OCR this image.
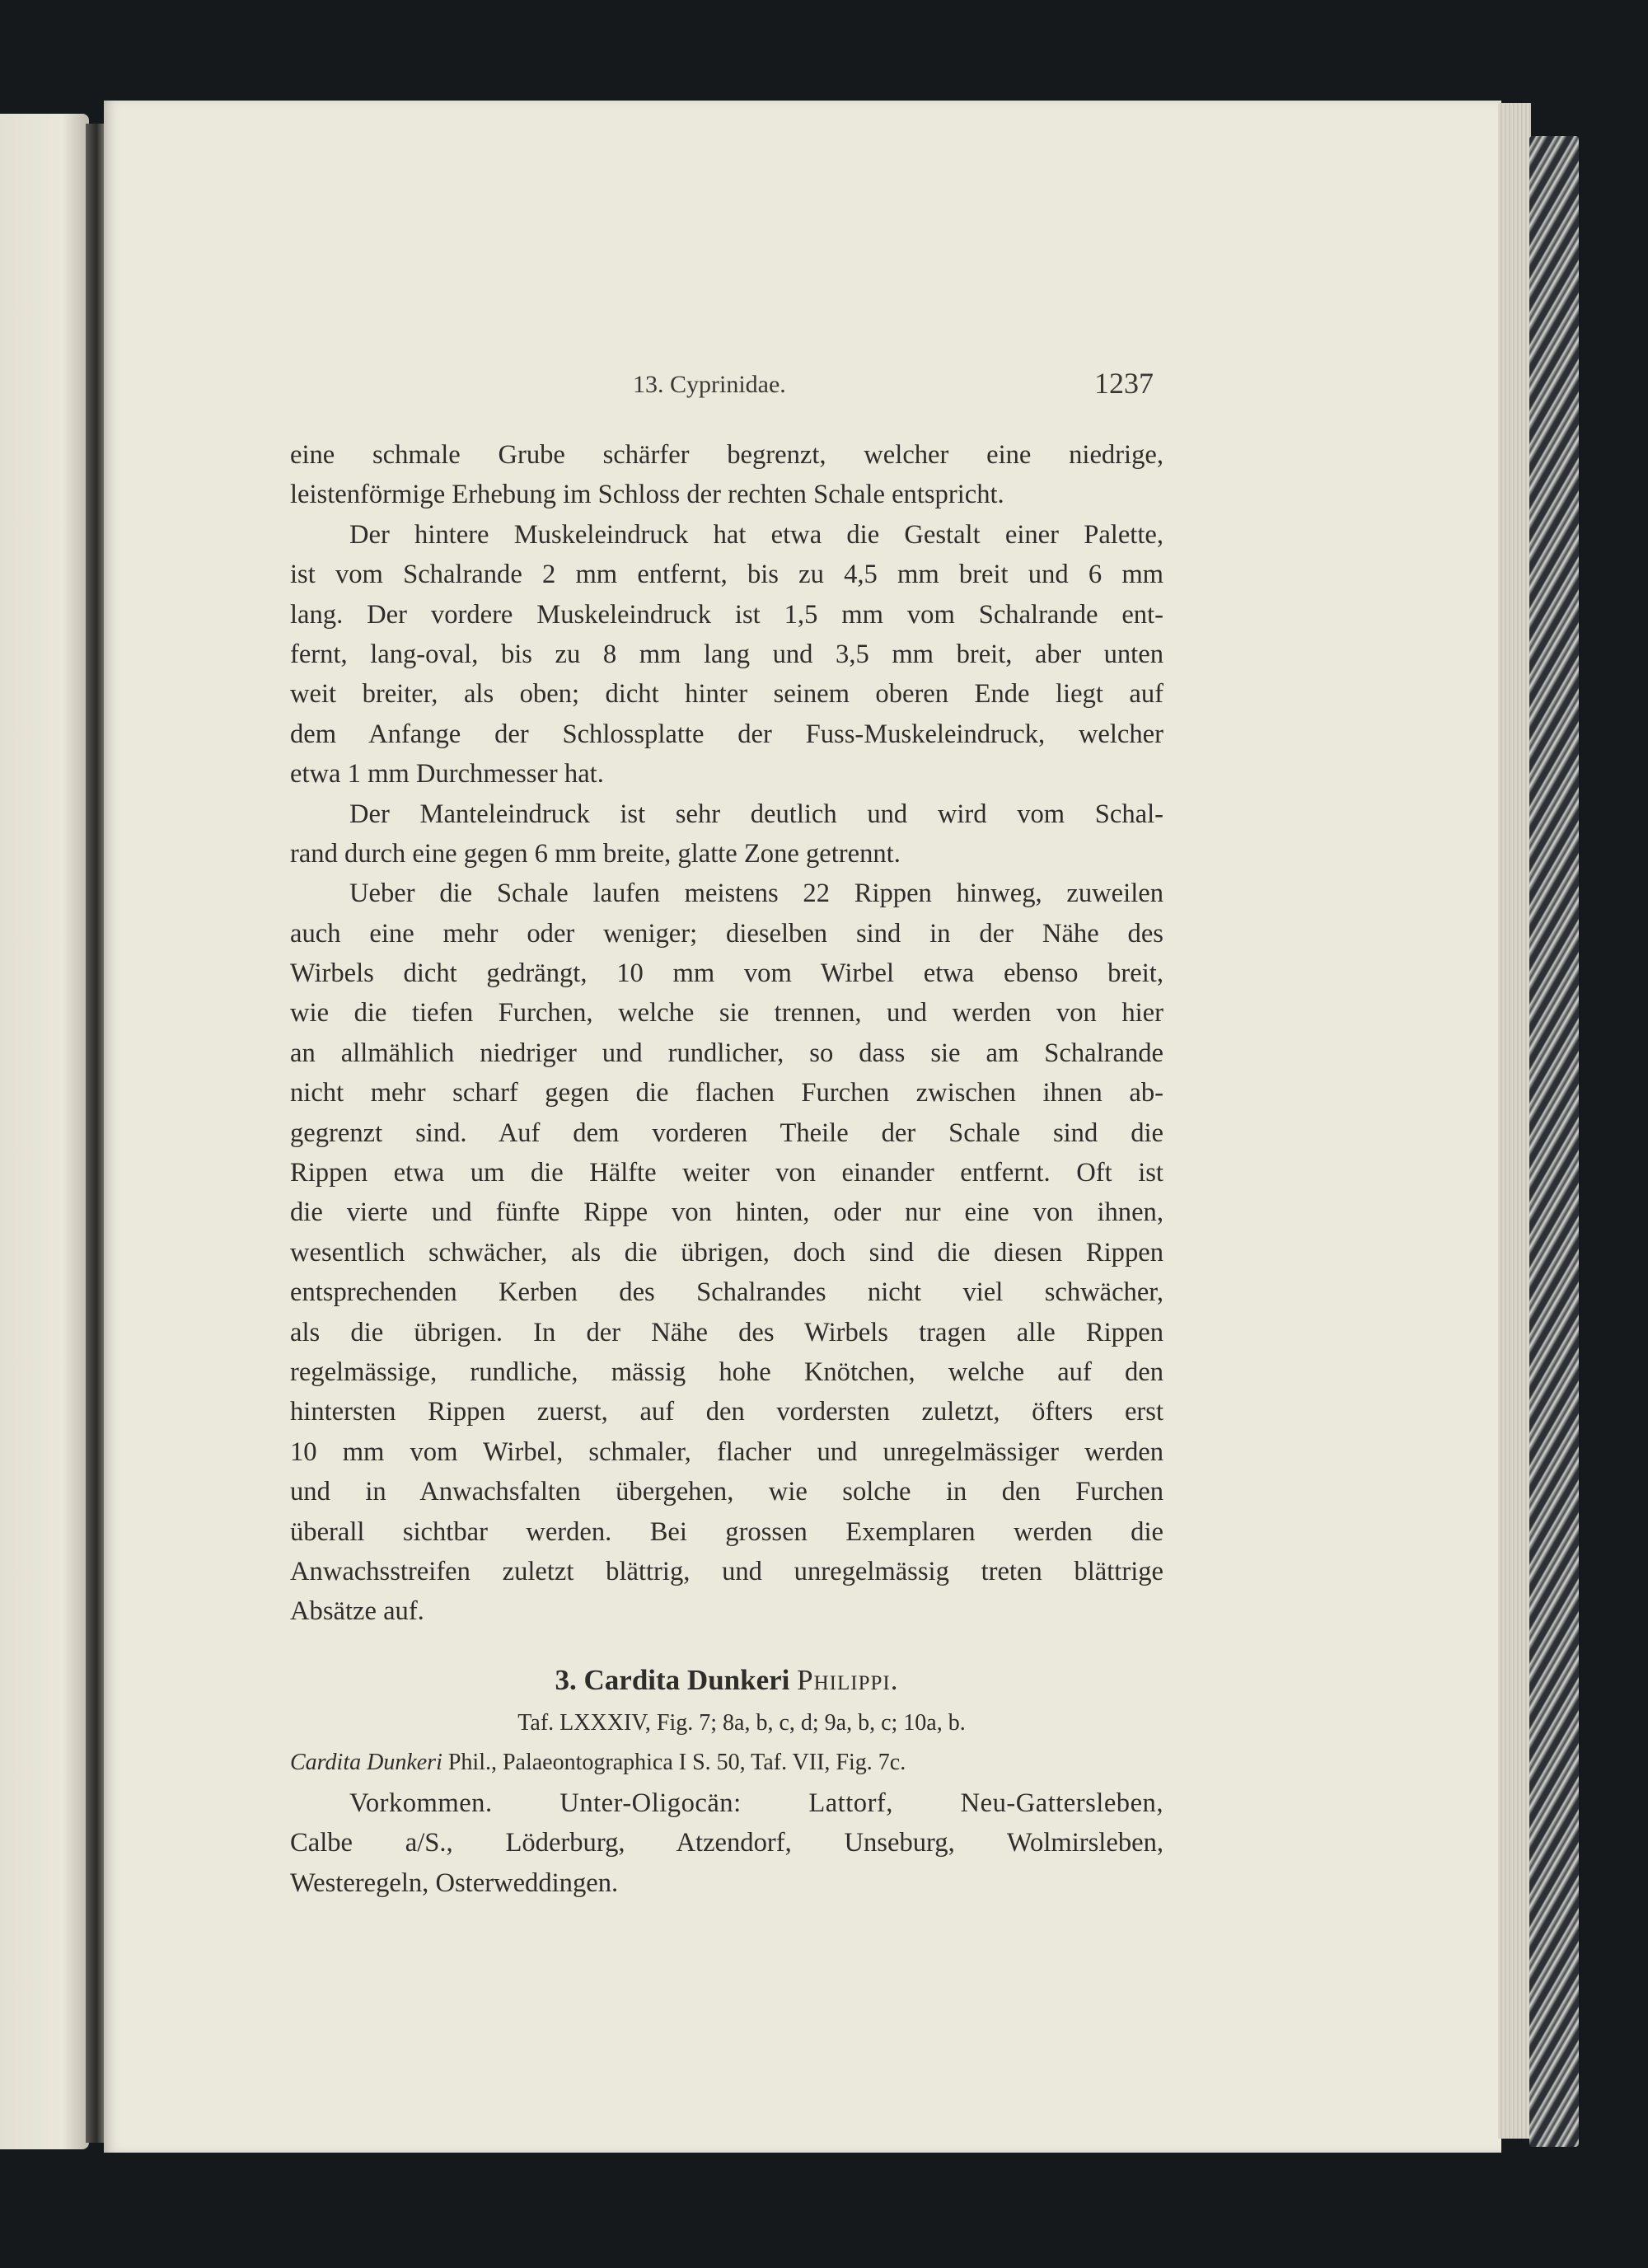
13. Cyprinidae.	1237
eine schmale Grube schärfer begrenzt, welcher eine niedrige,
leistenförmige Erhebung im Schloss der rechten Schale entspricht.
Der hintere Muskeleindruck hat etwa die Gestalt einer Palette,
ist vom Schalrande 2 mm entfernt, bis zu 4,5 mm breit und 6 mm
lang. Der vordere Muskeleindruck ist 1,5 mm vom Schalrande ent-
fernt, lang-oval, bis zu 8 mm lang und 3,5 mm breit, aber unten
weit breiter, als oben; dicht hinter seinem oberen Ende liegt auf
dem Anfange der Schlossplatte der Fuss-Muskeleindruck, welcher
etwa 1 mm Durchmesser hat.
Der Manteleindruck ist sehr deutlich und wird vom Schal-
rand durch eine gegen 6 mm breite, glatte Zone getrennt.
Ueber die Schale laufen meistens 22 Rippen hinweg, zuweilen
auch eine mehr oder weniger; dieselben sind in der Nähe des
Wirbels dicht gedrängt, 10 mm vom Wirbel etwa ebenso breit,
wie die tiefen Furchen, welche sie trennen, und werden von hier
an allmählich niedriger und rundlicher, so dass sie am Schalrande
nicht mehr scharf gegen die flachen Furchen zwischen ihnen ab-
gegrenzt sind. Auf dem vorderen Theile der Schale sind die
Rippen etwa um die Hälfte weiter von einander entfernt. Oft ist
die vierte und fünfte Rippe von hinten, oder nur eine von ihnen,
wesentlich schwächer, als die übrigen, doch sind die diesen Rippen
entsprechenden Kerben des Schalrandes nicht viel schwächer,
als die übrigen. In der Nähe des Wirbels tragen alle Rippen
regelmässige, rundliche, mässig hohe Knötchen, welche auf den
hintersten Rippen zuerst, auf den vordersten zuletzt, öfters erst
10 mm vom Wirbel, schmaler, flacher und unregelmässiger werden
und in Anwachsfalten übergehen, wie solche in den Furchen
überall sichtbar werden. Bei grossen Exemplaren werden die
Anwachsstreifen zuletzt blättrig, und unregelmässig treten blättrige
Absätze auf.
3. Cardita Dunkeri Philippi.
Taf. LXXXIV, Fig. 7; 8a, b, c, d; 9a, b, c; 10a, b.
Cardita Dunkeri Phil., Palaeontographica I S. 50, Taf. VII, Fig. 7c.
Vorkommen. Unter-Oligocän: Lattorf, Neu-Gattersleben,
Calbe a/S., Löderburg, Atzendorf, Unseburg, Wolmirsleben,
Westeregeln, Osterweddingen.
